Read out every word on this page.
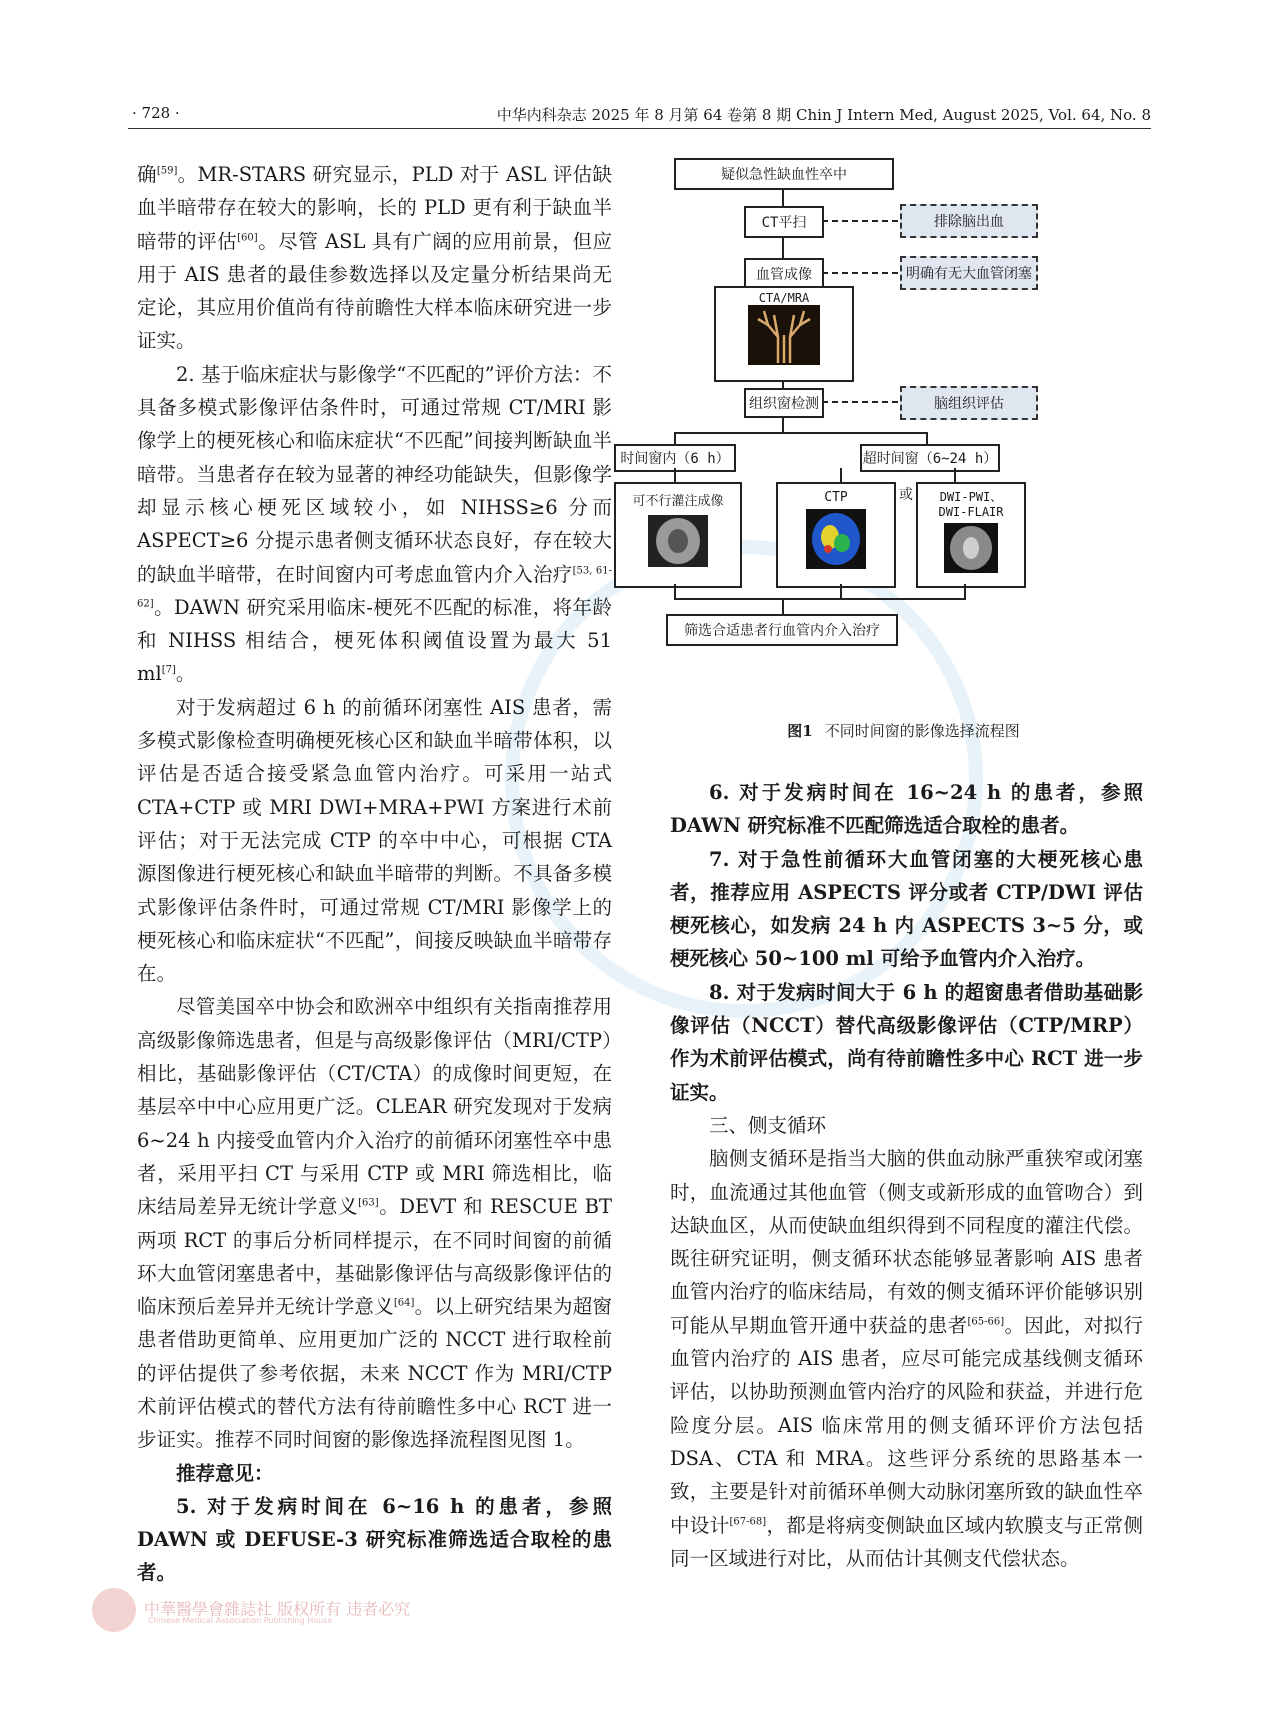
· 728 ·	中华内科杂志 2025 年 8 月第 64 卷第 8 期 Chin J Intern Med, August 2025, Vol. 64, No. 8

确[59]。MR-STARS 研究显示，PLD 对于 ASL 评估缺血半暗带存在较大的影响，长的 PLD 更有利于缺血半暗带的评估[60]。尽管 ASL 具有广阔的应用前景，但应用于 AIS 患者的最佳参数选择以及定量分析结果尚无定论，其应用价值尚有待前瞻性大样本临床研究进一步证实。

2. 基于临床症状与影像学“不匹配的”评价方法：不具备多模式影像评估条件时，可通过常规 CT/MRI 影像学上的梗死核心和临床症状“不匹配”间接判断缺血半暗带。当患者存在较为显著的神经功能缺失，但影像学却显示核心梗死区域较小，如 NIHSS≥6 分而 ASPECT≥6 分提示患者侧支循环状态良好，存在较大的缺血半暗带，在时间窗内可考虑血管内介入治疗[53, 61-62]。DAWN 研究采用临床-梗死不匹配的标准，将年龄和 NIHSS 相结合，梗死体积阈值设置为最大 51 ml[7]。

对于发病超过 6 h 的前循环闭塞性 AIS 患者，需多模式影像检查明确梗死核心区和缺血半暗带体积，以评估是否适合接受紧急血管内治疗。可采用一站式 CTA+CTP 或 MRI DWI+MRA+PWI 方案进行术前评估；对于无法完成 CTP 的卒中中心，可根据 CTA 源图像进行梗死核心和缺血半暗带的判断。不具备多模式影像评估条件时，可通过常规 CT/MRI 影像学上的梗死核心和临床症状“不匹配”，间接反映缺血半暗带存在。

尽管美国卒中协会和欧洲卒中组织有关指南推荐用高级影像筛选患者，但是与高级影像评估（MRI/CTP）相比，基础影像评估（CT/CTA）的成像时间更短，在基层卒中中心应用更广泛。CLEAR 研究发现对于发病 6~24 h 内接受血管内介入治疗的前循环闭塞性卒中患者，采用平扫 CT 与采用 CTP 或 MRI 筛选相比，临床结局差异无统计学意义[63]。DEVT 和 RESCUE BT 两项 RCT 的事后分析同样提示，在不同时间窗的前循环大血管闭塞患者中，基础影像评估与高级影像评估的临床预后差异并无统计学意义[64]。以上研究结果为超窗患者借助更简单、应用更加广泛的 NCCT 进行取栓前的评估提供了参考依据，未来 NCCT 作为 MRI/CTP 术前评估模式的替代方法有待前瞻性多中心 RCT 进一步证实。推荐不同时间窗的影像选择流程图见图 1。

推荐意见：

5. 对于发病时间在 6~16 h 的患者，参照 DAWN 或 DEFUSE-3 研究标准筛选适合取栓的患者。

疑似急性缺血性卒中
CT平扫	排除脑出血
血管成像	明确有无大血管闭塞
CTA/MRA
组织窗检测	脑组织评估
时间窗内（6 h）	超时间窗（6~24 h）
可不行灌注成像	CTP	或	DWI-PWI、DWI-FLAIR
筛选合适患者行血管内介入治疗
图1 不同时间窗的影像选择流程图

6. 对于发病时间在 16~24 h 的患者，参照 DAWN 研究标准不匹配筛选适合取栓的患者。

7. 对于急性前循环大血管闭塞的大梗死核心患者，推荐应用 ASPECTS 评分或者 CTP/DWI 评估梗死核心，如发病 24 h 内 ASPECTS 3~5 分，或梗死核心 50~100 ml 可给予血管内介入治疗。

8. 对于发病时间大于 6 h 的超窗患者借助基础影像评估（NCCT）替代高级影像评估（CTP/MRP）作为术前评估模式，尚有待前瞻性多中心 RCT 进一步证实。

三、侧支循环

脑侧支循环是指当大脑的供血动脉严重狭窄或闭塞时，血流通过其他血管（侧支或新形成的血管吻合）到达缺血区，从而使缺血组织得到不同程度的灌注代偿。既往研究证明，侧支循环状态能够显著影响 AIS 患者血管内治疗的临床结局，有效的侧支循环评价能够识别可能从早期血管开通中获益的患者[65-66]。因此，对拟行血管内治疗的 AIS 患者，应尽可能完成基线侧支循环评估，以协助预测血管内治疗的风险和获益，并进行危险度分层。AIS 临床常用的侧支循环评价方法包括 DSA、CTA 和 MRA。这些评分系统的思路基本一致，主要是针对前循环单侧大动脉闭塞所致的缺血性卒中设计[67-68]，都是将病变侧缺血区域内软膜支与正常侧同一区域进行对比，从而估计其侧支代偿状态。

中華醫學會雜誌社 版权所有 违者必究
Chinese Medical Association Publishing House
